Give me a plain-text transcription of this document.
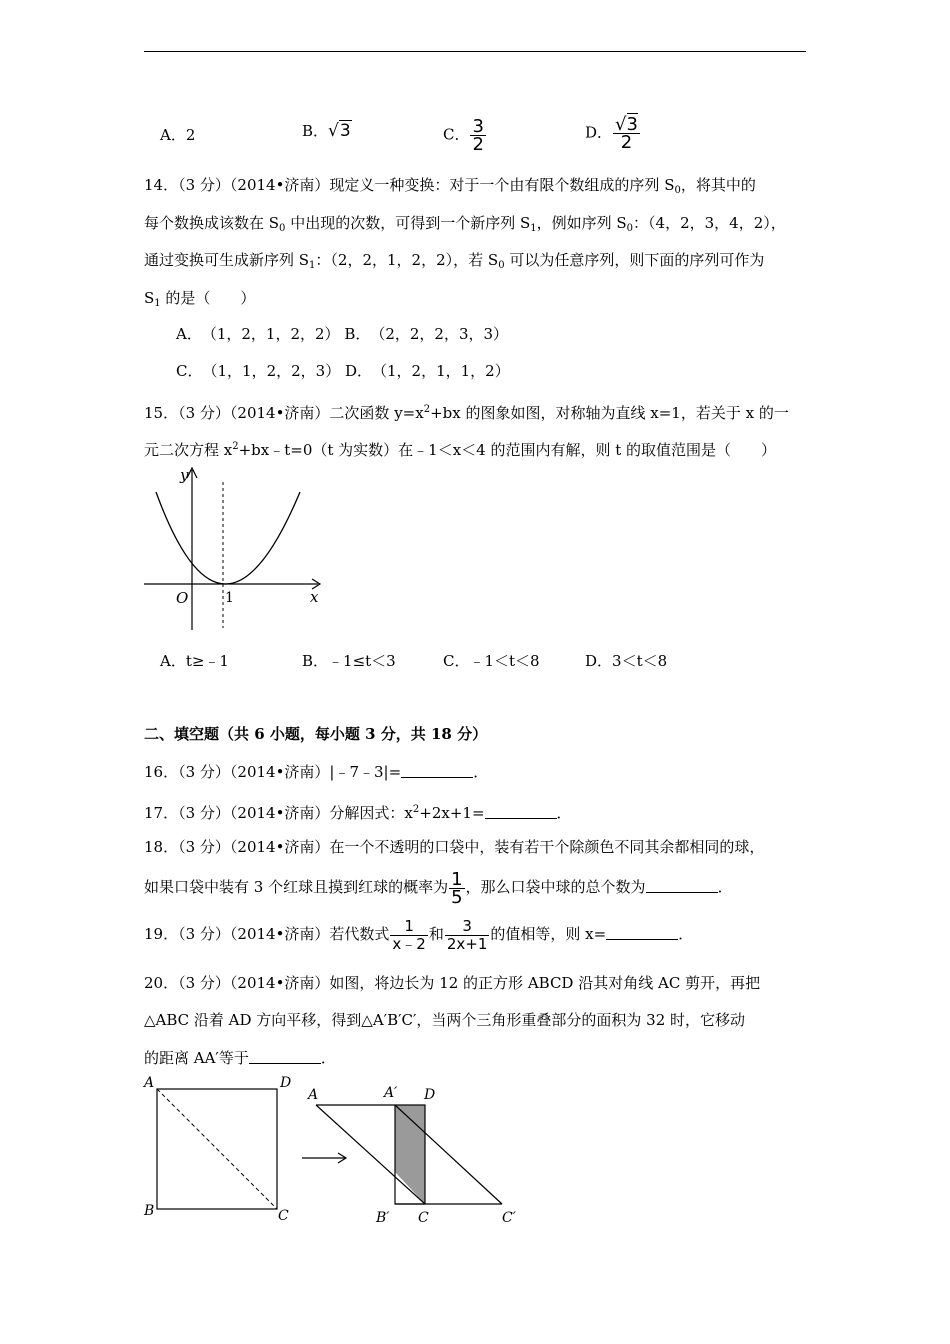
A．2	B．√3	C． $\frac{3}{2}$	D． $\frac{√3}{2}$
14．（3 分）（2014•济南）现定义一种变换：对于一个由有限个数组成的序列 $S_0$，将其中的
每个数换成该数在 $S_0$ 中出现的次数，可得到一个新序列 $S_1$，例如序列 $S_0$：（4，2，3，4，2），
通过变换可生成新序列 $S_1$：（2，2，1，2，2），若 $S_0$ 可以为任意序列，则下面的序列可作为
$S_1$ 的是（　　）
A．　（1，2，1，2，2） B．　（2，2，2，3，3）
C．　（1，1，2，2，3） D．　（1，2，1，1，2）
15．（3 分）（2014•济南）二次函数 $y=x^2+bx$ 的图象如图，对称轴为直线 x=1，若关于 x 的一
元二次方程 $x^2+bx﹣t=0(t$ 为实数）在﹣1＜x＜4 的范围内有解，则 t 的取值范围是（　　）
y
x
O	1
A．t≥﹣1	B．﹣1≤t＜3	C．﹣1＜t＜8	D．3＜t＜8
二、填空题（共 6 小题，每小题 3 分，共 18 分）
16．（3 分）（2014•济南）|﹣7﹣3|=	．
17．（3 分）（2014•济南）分解因式：$x^2+2x+1=$	．
18．（3 分）（2014•济南）在一个不透明的口袋中，装有若干个除颜色不同其余都相同的球，
如果口袋中装有 3 个红球且摸到红球的概率为 $\frac{1}{5}$ ，那么口袋中球的总个数为	．
19．（3 分）（2014•济南）若代数式 $\frac{1}{x﹣2}$ 和 $\frac{3}{2x+1}$ 的值相等，则 x=	．
20．（3 分）（2014•济南）如图，将边长为 12 的正方形 ABCD 沿其对角线 AC 剪开，再把
△ABC 沿着 AD 方向平移，得到△A′B′C′，当两个三角形重叠部分的面积为 32 时，它移动
的距离 AA′等于	．
A	D
B	C
A	A′ D
B′ C	C′
